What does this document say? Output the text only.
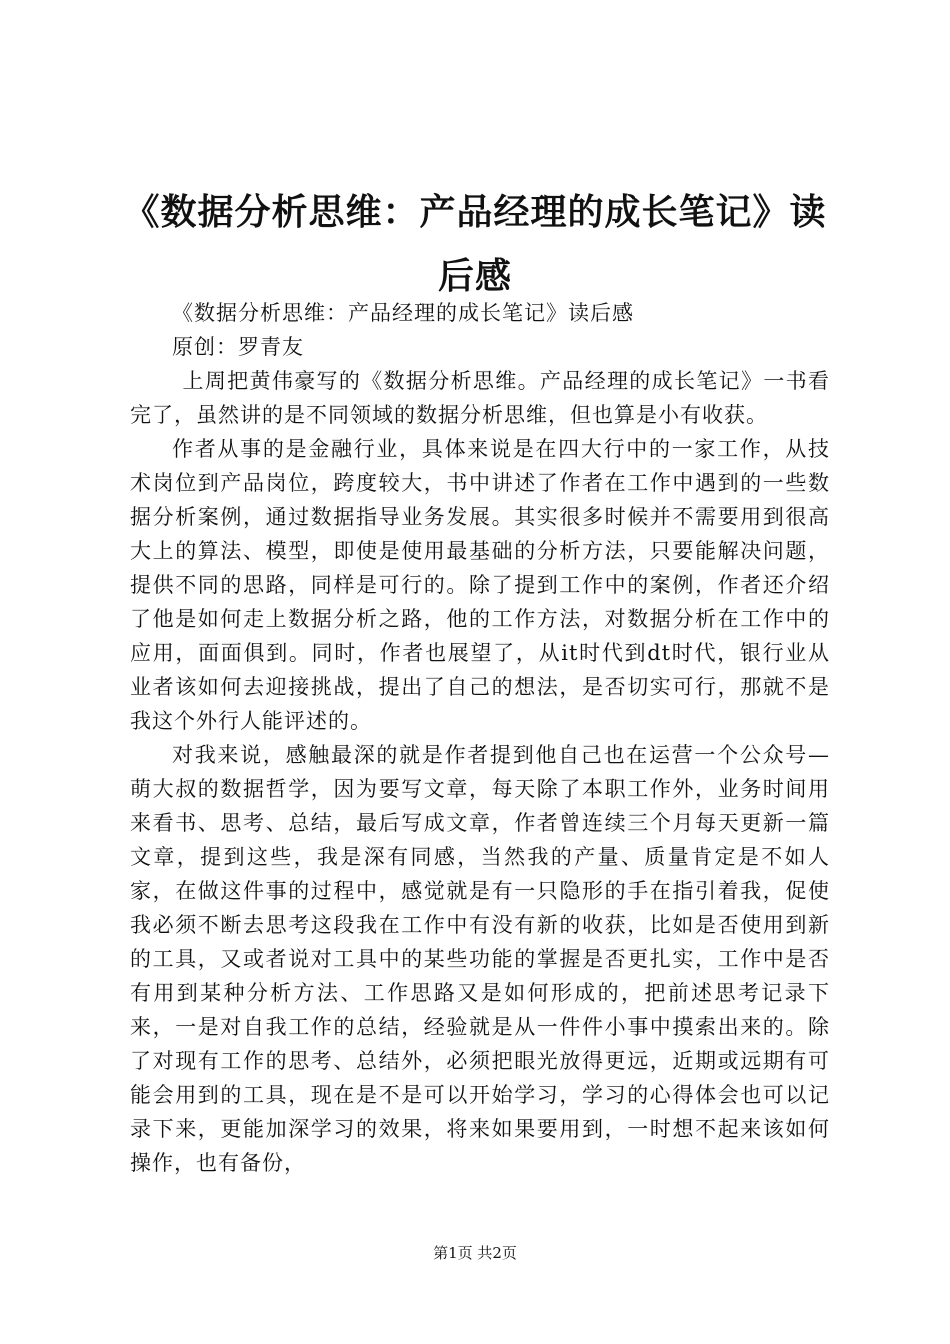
《数据分析思维：产品经理的成长笔记》读后感

《数据分析思维：产品经理的成长笔记》读后感

原创：罗青友

上周把黄伟豪写的《数据分析思维。产品经理的成长笔记》一书看完了，虽然讲的是不同领域的数据分析思维，但也算是小有收获。

作者从事的是金融行业，具体来说是在四大行中的一家工作，从技术岗位到产品岗位，跨度较大，书中讲述了作者在工作中遇到的一些数据分析案例，通过数据指导业务发展。其实很多时候并不需要用到很高大上的算法、模型，即使是使用最基础的分析方法，只要能解决问题，提供不同的思路，同样是可行的。除了提到工作中的案例，作者还介绍了他是如何走上数据分析之路，他的工作方法，对数据分析在工作中的应用，面面俱到。同时，作者也展望了，从it时代到dt时代，银行业从业者该如何去迎接挑战，提出了自己的想法，是否切实可行，那就不是我这个外行人能评述的。

对我来说，感触最深的就是作者提到他自己也在运营一个公众号—萌大叔的数据哲学，因为要写文章，每天除了本职工作外，业务时间用来看书、思考、总结，最后写成文章，作者曾连续三个月每天更新一篇文章，提到这些，我是深有同感，当然我的产量、质量肯定是不如人家，在做这件事的过程中，感觉就是有一只隐形的手在指引着我，促使我必须不断去思考这段我在工作中有没有新的收获，比如是否使用到新的工具，又或者说对工具中的某些功能的掌握是否更扎实，工作中是否有用到某种分析方法、工作思路又是如何形成的，把前述思考记录下来，一是对自我工作的总结，经验就是从一件件小事中摸索出来的。除了对现有工作的思考、总结外，必须把眼光放得更远，近期或远期有可能会用到的工具，现在是不是可以开始学习，学习的心得体会也可以记录下来，更能加深学习的效果，将来如果要用到，一时想不起来该如何操作，也有备份，

第1页 共2页
